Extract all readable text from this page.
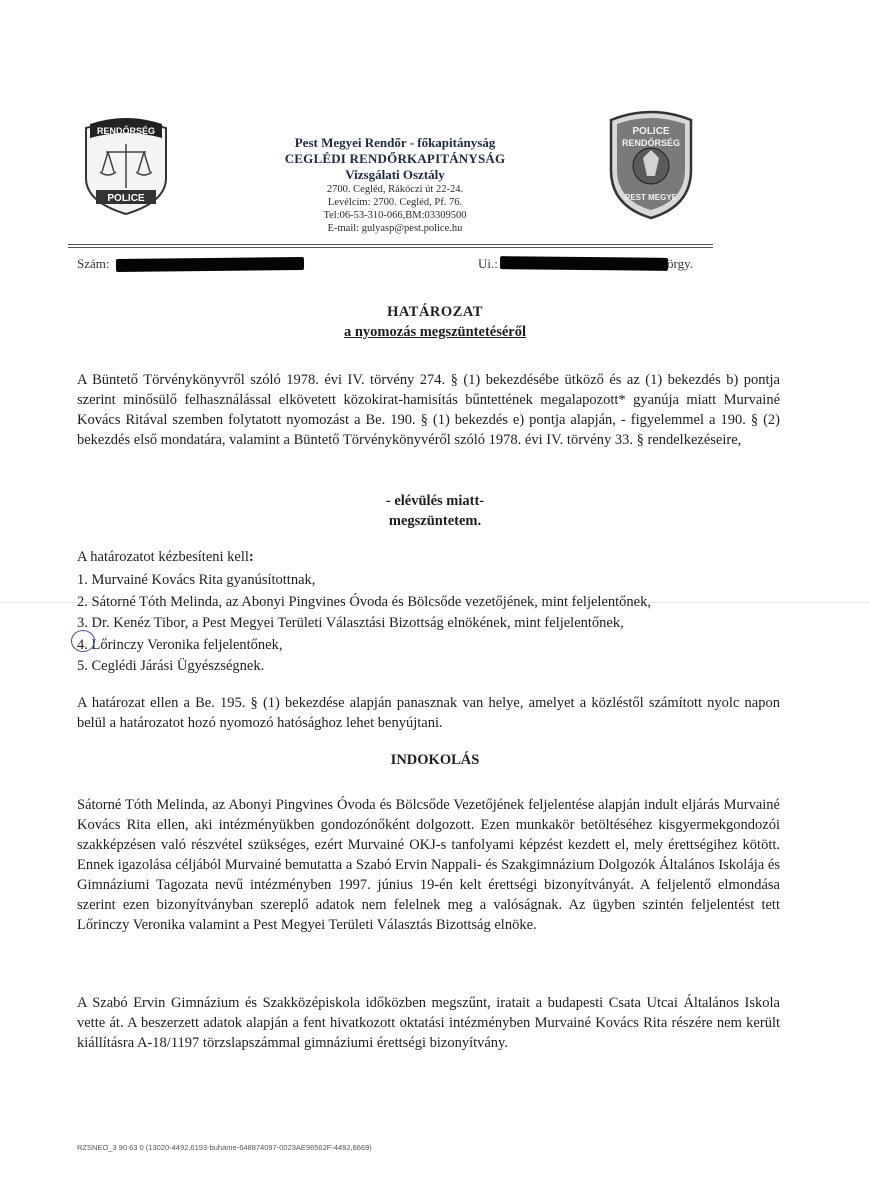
RENDŐRSÉG
POLICE
Pest Megyei Rendőr - főkapitányság
CEGLÉDI RENDŐRKAPITÁNYSÁG
Vizsgálati Osztály
2700. Cegléd, Rákóczi út 22-24.
Levélcím: 2700. Cegléd, Pf. 76.
Tel:06-53-310-066,BM:03309500
E-mail: gulyasp@pest.police.hu
POLICE
RENDŐRSÉG
PEST MEGYE
Szám:	Ui.:	örgy.
HATÁROZAT
a nyomozás megszüntetéséről
A Büntető Törvénykönyvről szóló 1978. évi IV. törvény 274. § (1) bekezdésébe ütköző és az (1) bekezdés b) pontja szerint minősülő felhasználással elkövetett közokirat-hamisítás bűntettének megalapozott* gyanúja miatt Murvainé Kovács Ritával szemben folytatott nyomozást a Be. 190. § (1) bekezdés e) pontja alapján, - figyelemmel a 190. § (2) bekezdés első mondatára, valamint a Büntető Törvénykönyvéről szóló 1978. évi IV. törvény 33. § rendelkezéseire,
- elévülés miatt-
megszüntetem.
A határozatot kézbesíteni kell:
1. Murvainé Kovács Rita gyanúsítottnak,
2. Sátorné Tóth Melinda, az Abonyi Pingvines Óvoda és Bölcsőde vezetőjének, mint feljelentőnek,
3. Dr. Kenéz Tibor, a Pest Megyei Területi Választási Bizottság elnökének, mint feljelentőnek,
4. Lőrinczy Veronika feljelentőnek,
5. Ceglédi Járási Ügyészségnek.
A határozat ellen a Be. 195. § (1) bekezdése alapján panasznak van helye, amelyet a közléstől számított nyolc napon belül a határozatot hozó nyomozó hatósághoz lehet benyújtani.
INDOKOLÁS
Sátorné Tóth Melinda, az Abonyi Pingvines Óvoda és Bölcsőde Vezetőjének feljelentése alapján indult eljárás Murvainé Kovács Rita ellen, aki intézményükben gondozónőként dolgozott. Ezen munkakör betöltéséhez kisgyermekgondozói szakképzésen való részvétel szükséges, ezért Murvainé OKJ-s tanfolyami képzést kezdett el, mely érettségihez kötött. Ennek igazolása céljából Murvainé bemutatta a Szabó Ervin Nappali- és Szakgimnázium Dolgozók Általános Iskolája és Gimnáziumi Tagozata nevű intézményben 1997. június 19-én kelt érettségi bizonyítványát. A feljelentő elmondása szerint ezen bizonyítványban szereplő adatok nem felelnek meg a valóságnak. Az ügyben szintén feljelentést tett Lőrinczy Veronika valamint a Pest Megyei Területi Választás Bizottság elnöke.
A Szabó Ervin Gimnázium és Szakközépiskola időközben megszűnt, iratait a budapesti Csata Utcai Általános Iskola vette át. A beszerzett adatok alapján a fent hivatkozott oktatási intézményben Murvainé Kovács Rita részére nem került kiállításra A-18/1197 törzslapszámmal gimnáziumi érettségi bizonyítvány.
RZSNEO_3 90 63 0 (13020-4492,6193-buhame-648874097-0023AE96562F-4492,6669)
